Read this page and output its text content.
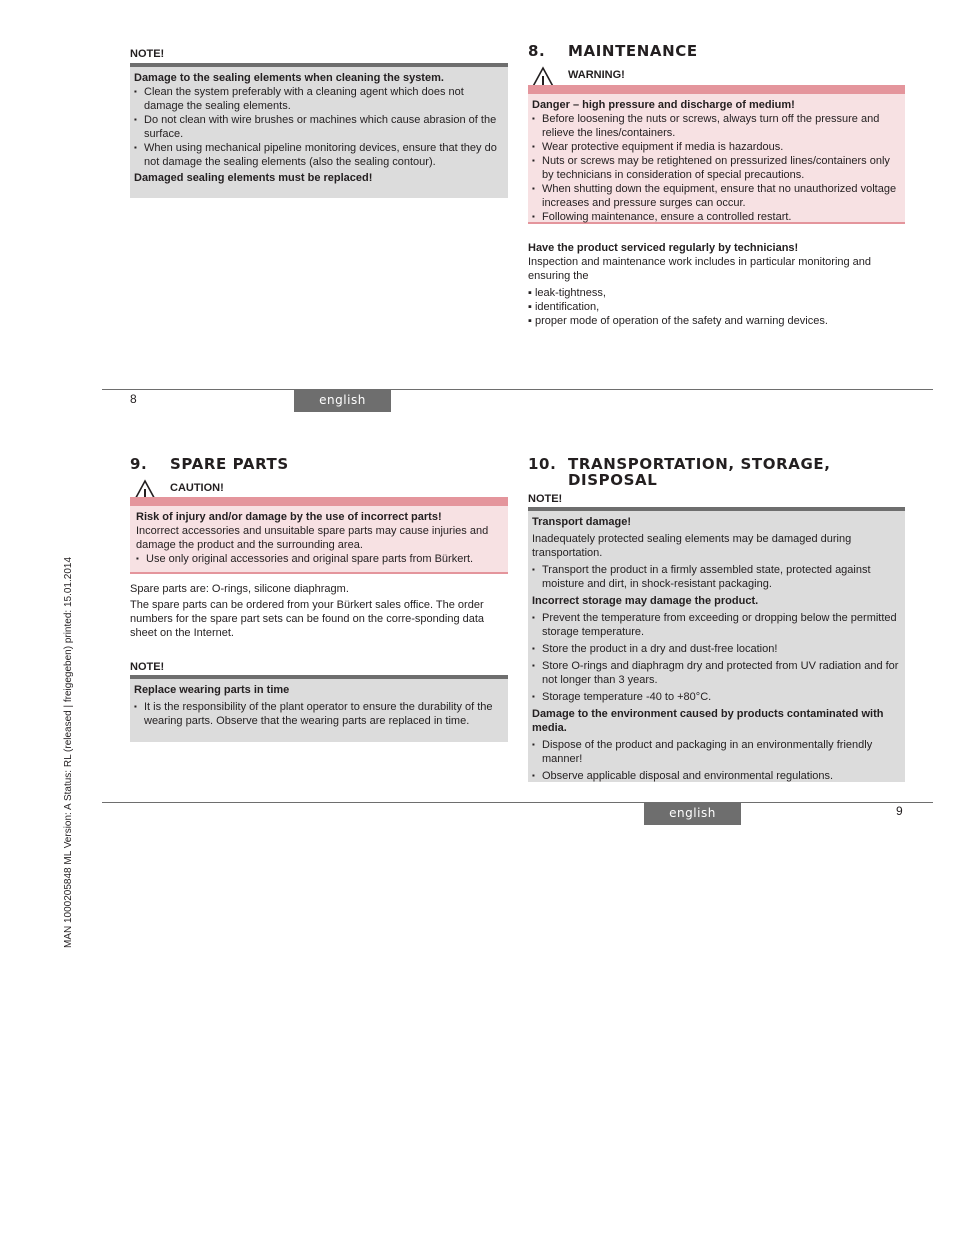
MAN 1000205848 ML Version: A Status: RL (released | freigegeben) printed: 15.01.2014
NOTE!
Damage to the sealing elements when cleaning the system.
▪ Clean the system preferably with a cleaning agent which does not damage the sealing elements.
▪ Do not clean with wire brushes or machines which cause abrasion of the surface.
▪ When using mechanical pipeline monitoring devices, ensure that they do not damage the sealing elements (also the sealing contour).
Damaged sealing elements must be replaced!
8. MAINTENANCE
WARNING!
Danger – high pressure and discharge of medium!
▪ Before loosening the nuts or screws, always turn off the pressure and relieve the lines/containers.
▪ Wear protective equipment if media is hazardous.
▪ Nuts or screws may be retightened on pressurized lines/containers only by technicians in consideration of special precautions.
▪ When shutting down the equipment, ensure that no unauthorized voltage increases and pressure surges can occur.
▪ Following maintenance, ensure a controlled restart.
Have the product serviced regularly by technicians!
Inspection and maintenance work includes in particular monitoring and ensuring the
▪ leak-tightness,
▪ identification,
▪ proper mode of operation of the safety and warning devices.
8	english
9. SPARE PARTS
CAUTION!
Risk of injury and/or damage by the use of incorrect parts!
Incorrect accessories and unsuitable spare parts may cause injuries and damage the product and the surrounding area.
▪ Use only original accessories and original spare parts from Bürkert.
Spare parts are: O-rings, silicone diaphragm.
The spare parts can be ordered from your Bürkert sales office. The order numbers for the spare part sets can be found on the corre-sponding data sheet on the Internet.
NOTE!
Replace wearing parts in time
▪ It is the responsibility of the plant operator to ensure the durability of the wearing parts. Observe that the wearing parts are replaced in time.
10. TRANSPORTATION, STORAGE,
DISPOSAL
NOTE!
Transport damage!
Inadequately protected sealing elements may be damaged during transportation.
▪ Transport the product in a firmly assembled state, protected against moisture and dirt, in shock-resistant packaging.
Incorrect storage may damage the product.
▪ Prevent the temperature from exceeding or dropping below the permitted storage temperature.
▪ Store the product in a dry and dust-free location!
▪ Store O-rings and diaphragm dry and protected from UV radiation and for not longer than 3 years.
▪ Storage temperature -40 to +80°C.
Damage to the environment caused by products contaminated with media.
▪ Dispose of the product and packaging in an environmentally friendly manner!
▪ Observe applicable disposal and environmental regulations.
english	9
